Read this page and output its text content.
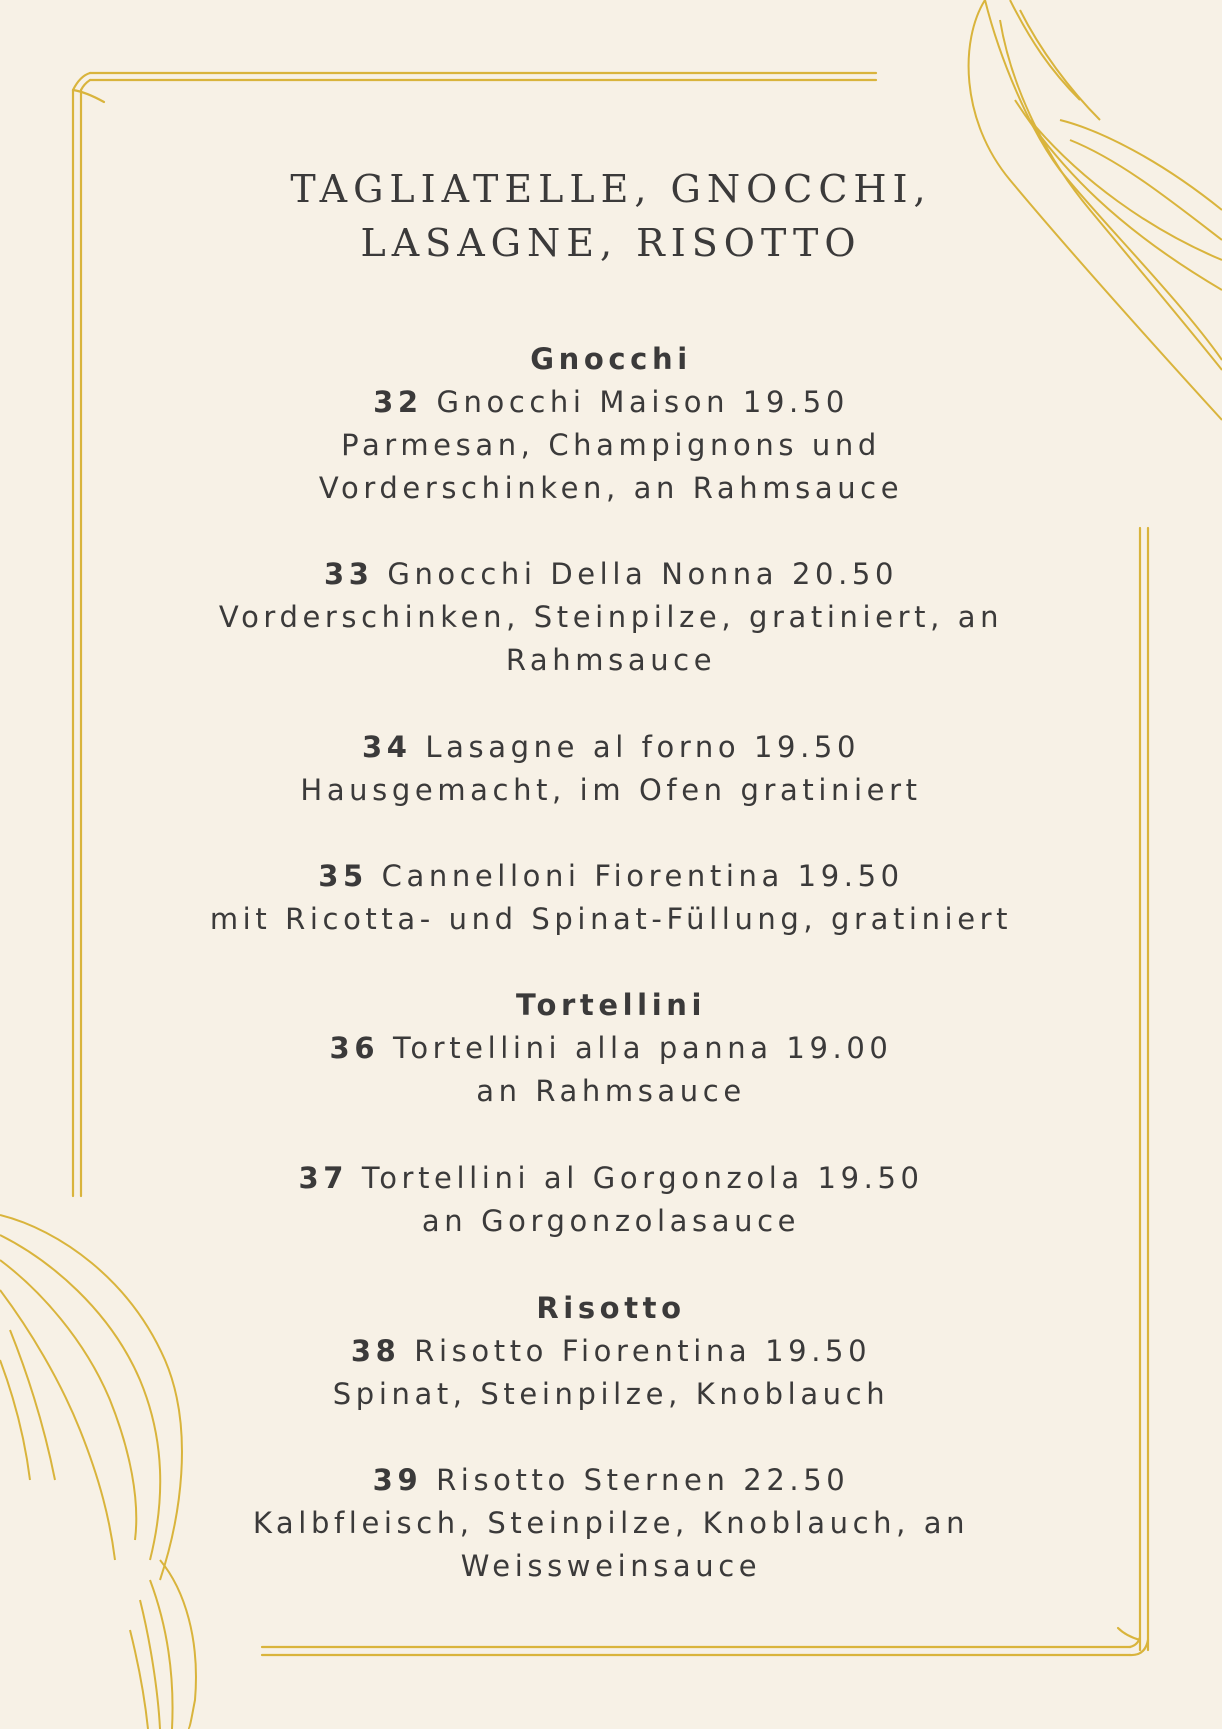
TAGLIATELLE, GNOCCHI,
LASAGNE, RISOTTO
Gnocchi
32 Gnocchi Maison 19.50
Parmesan, Champignons und
Vorderschinken, an Rahmsauce
33 Gnocchi Della Nonna 20.50
Vorderschinken, Steinpilze, gratiniert, an
Rahmsauce
34 Lasagne al forno 19.50
Hausgemacht, im Ofen gratiniert
35 Cannelloni Fiorentina 19.50
mit Ricotta- und Spinat-Füllung, gratiniert
Tortellini
36 Tortellini alla panna 19.00
an Rahmsauce
37 Tortellini al Gorgonzola 19.50
an Gorgonzolasauce
Risotto
38 Risotto Fiorentina 19.50
Spinat, Steinpilze, Knoblauch
39 Risotto Sternen 22.50
Kalbfleisch, Steinpilze, Knoblauch, an
Weissweinsauce
